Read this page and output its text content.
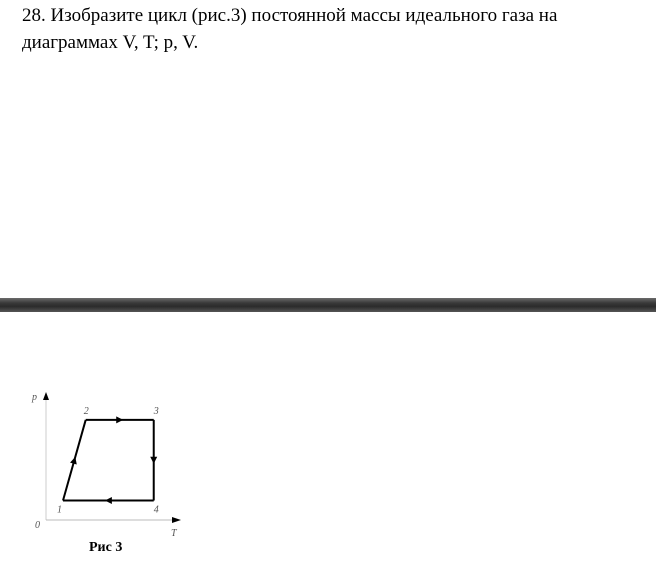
28. Изобразите цикл (рис.3) постоянной массы идеального газа на диаграммах V, T; p, V.

p
T
0
1
2	3
4
Рис 3
